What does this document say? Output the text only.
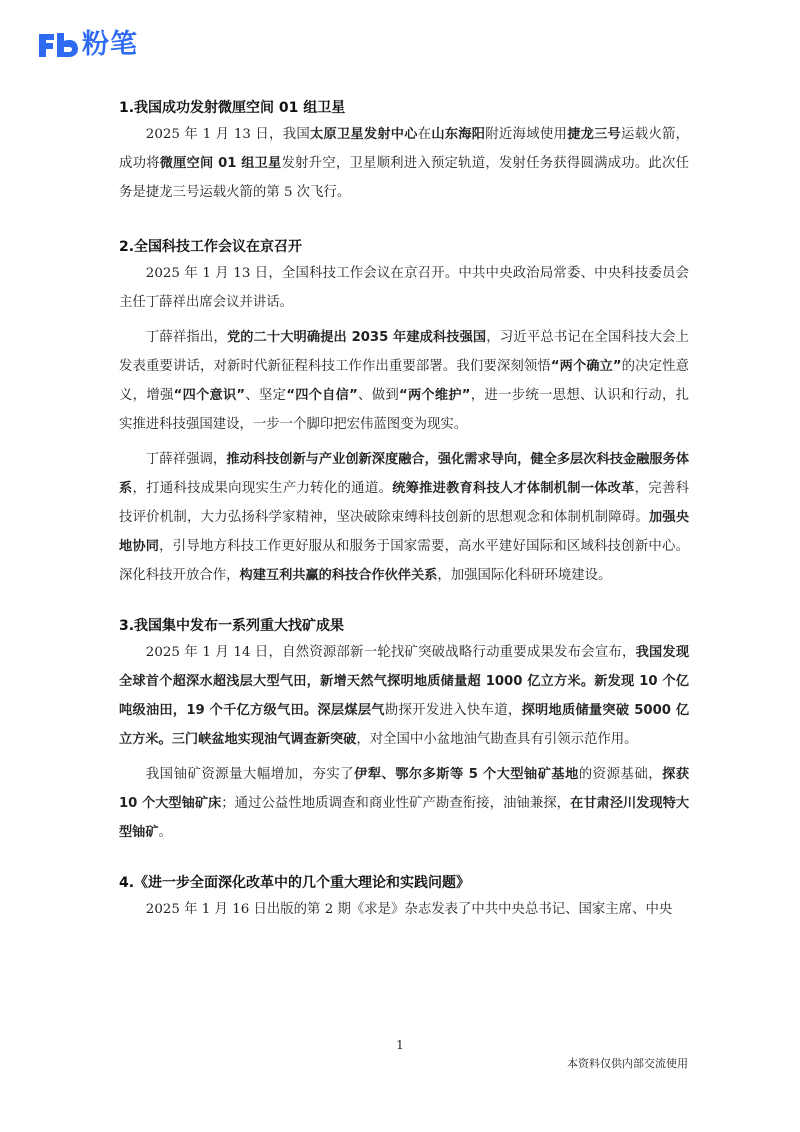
粉笔
1.我国成功发射微厘空间 01 组卫星

2025 年 1 月 13 日，我国太原卫星发射中心在山东海阳附近海域使用捷龙三号运载火箭，成功将微厘空间 01 组卫星发射升空，卫星顺利进入预定轨道，发射任务获得圆满成功。此次任务是捷龙三号运载火箭的第 5 次飞行。

2.全国科技工作会议在京召开

2025 年 1 月 13 日，全国科技工作会议在京召开。中共中央政治局常委、中央科技委员会主任丁薛祥出席会议并讲话。

丁薛祥指出，党的二十大明确提出 2035 年建成科技强国，习近平总书记在全国科技大会上发表重要讲话，对新时代新征程科技工作作出重要部署。我们要深刻领悟“两个确立”的决定性意义，增强“四个意识”、坚定“四个自信”、做到“两个维护”，进一步统一思想、认识和行动，扎实推进科技强国建设，一步一个脚印把宏伟蓝图变为现实。

丁薛祥强调，推动科技创新与产业创新深度融合，强化需求导向，健全多层次科技金融服务体系，打通科技成果向现实生产力转化的通道。统筹推进教育科技人才体制机制一体改革，完善科技评价机制，大力弘扬科学家精神，坚决破除束缚科技创新的思想观念和体制机制障碍。加强央地协同，引导地方科技工作更好服从和服务于国家需要，高水平建好国际和区域科技创新中心。深化科技开放合作，构建互利共赢的科技合作伙伴关系，加强国际化科研环境建设。

3.我国集中发布一系列重大找矿成果

2025 年 1 月 14 日，自然资源部新一轮找矿突破战略行动重要成果发布会宣布，我国发现全球首个超深水超浅层大型气田，新增天然气探明地质储量超 1000 亿立方米。新发现 10 个亿吨级油田，19 个千亿方级气田。深层煤层气勘探开发进入快车道，探明地质储量突破 5000 亿立方米。三门峡盆地实现油气调查新突破，对全国中小盆地油气勘查具有引领示范作用。

我国铀矿资源量大幅增加，夯实了伊犁、鄂尔多斯等 5 个大型铀矿基地的资源基础，探获 10 个大型铀矿床；通过公益性地质调查和商业性矿产勘查衔接，油铀兼探，在甘肃泾川发现特大型铀矿。

4.《进一步全面深化改革中的几个重大理论和实践问题》

2025 年 1 月 16 日出版的第 2 期《求是》杂志发表了中共中央总书记、国家主席、中央

1
本资料仅供内部交流使用
